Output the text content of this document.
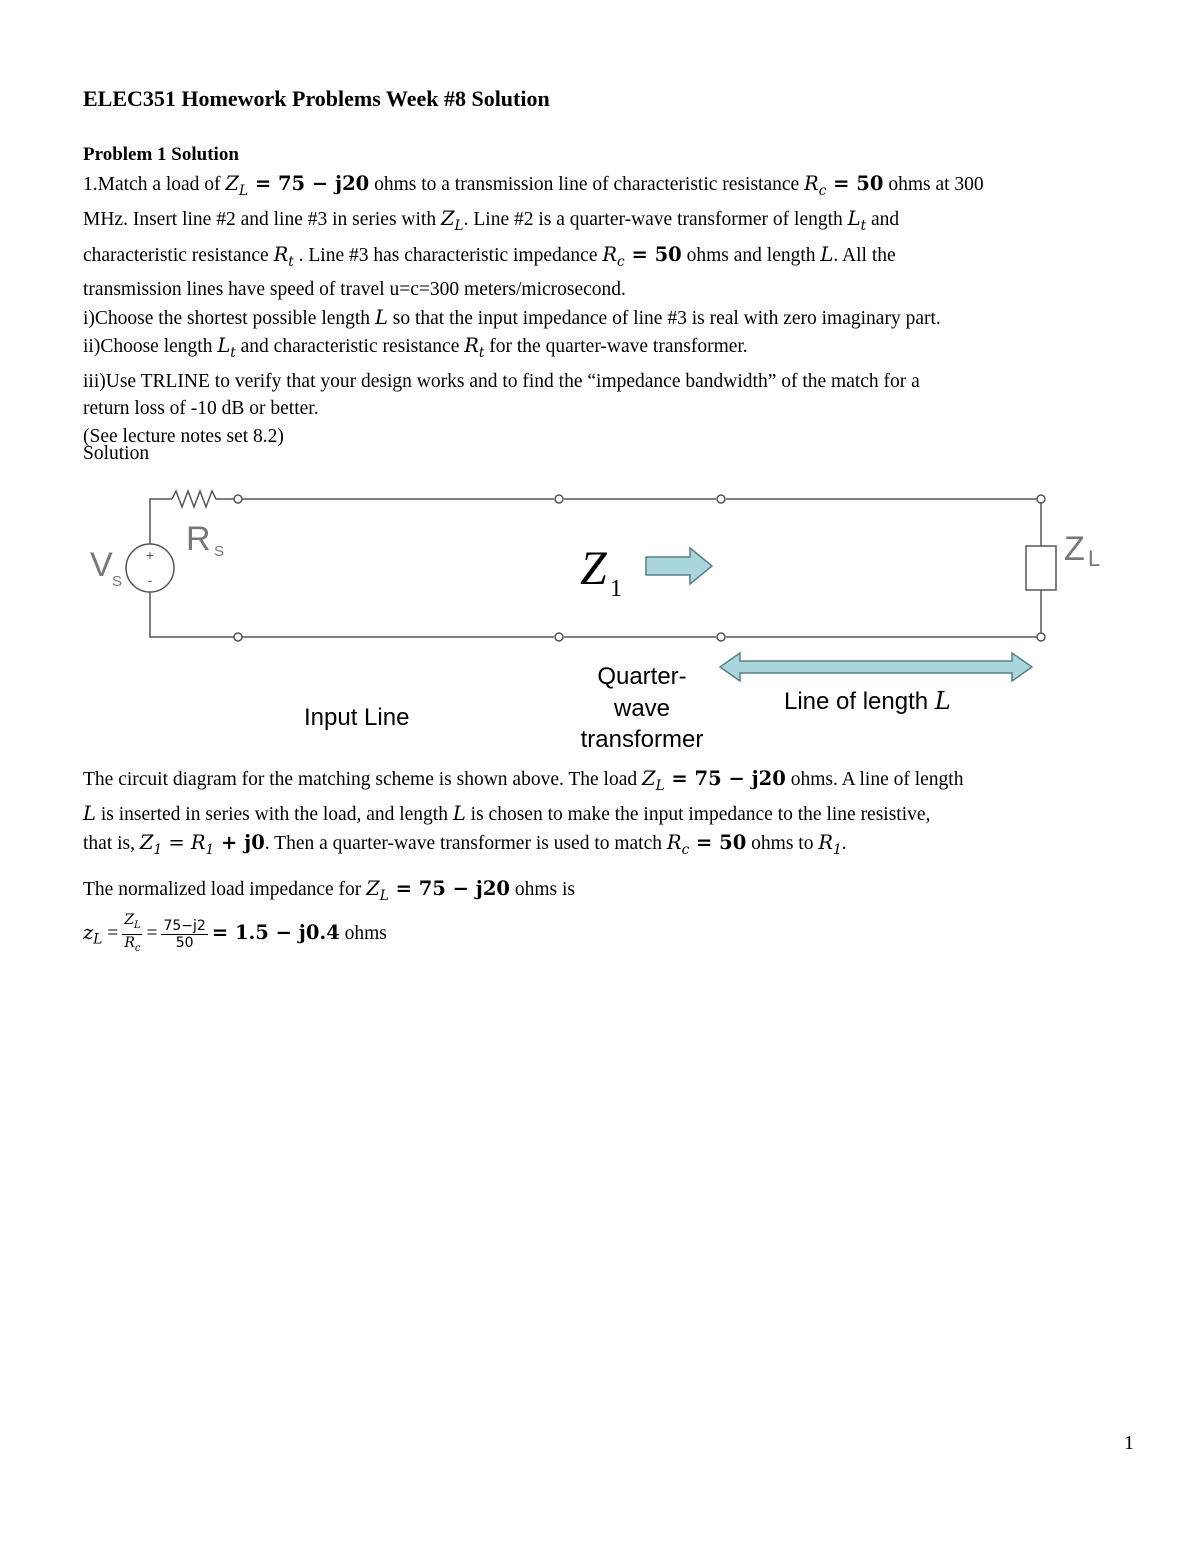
ELEC351 Homework Problems Week #8 Solution
Problem 1 Solution
1.Match a load of $Z_L = 75 - j20$ ohms to a transmission line of characteristic resistance $R_c = 50$ ohms at 300
MHz. Insert line #2 and line #3 in series with $Z_L$. Line #2 is a quarter-wave transformer of length $L_t$ and
characteristic resistance $R_t$ . Line #3 has characteristic impedance $R_c = 50$ ohms and length L. All the
transmission lines have speed of travel u=c=300 meters/microsecond.
i)Choose the shortest possible length L so that the input impedance of line #3 is real with zero imaginary part.
ii)Choose length $L_t$ and characteristic resistance $R_t$ for the quarter-wave transformer.
iii)Use TRLINE to verify that your design works and to find the “impedance bandwidth” of the match for a
return loss of -10 dB or better.
(See lecture notes set 8.2)
Solution
+
-
V S
R S	Z 1
Z L
Input Line
Quarter-
wave
transformer
Line of length L
The circuit diagram for the matching scheme is shown above. The load $Z_L = 75 - j20$ ohms. A line of length
L is inserted in series with the load, and length L is chosen to make the input impedance to the line resistive,
that is, $Z_1 = R_1 + j0$. Then a quarter-wave transformer is used to match $R_c = 50$ ohms to $R_1$.
The normalized load impedance for $Z_L = 75 - j20$ ohms is
$z_L = \frac{Z_L}{R_c} = \frac{75-j2}{50} = 1.5 - j0.4$ ohms
1
